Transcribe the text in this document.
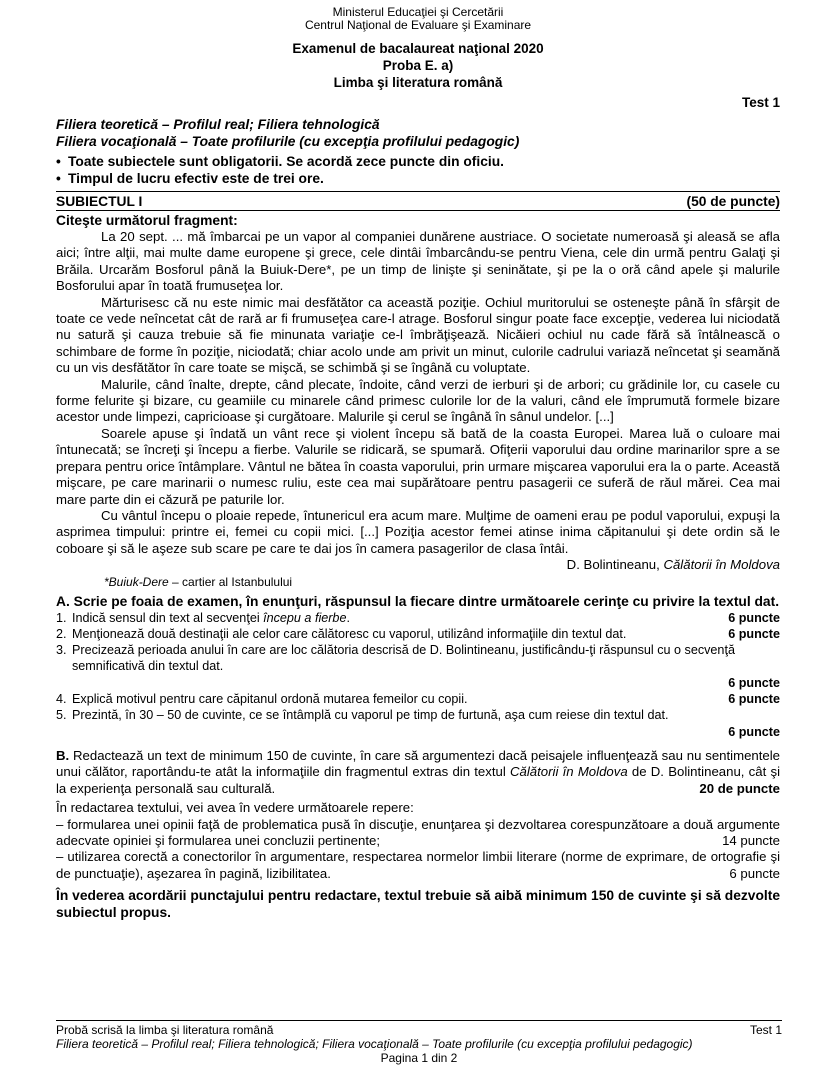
Ministerul Educaţiei şi Cercetării
Centrul Naţional de Evaluare şi Examinare
Examenul de bacalaureat naţional 2020
Proba E. a)
Limba şi literatura română
Test 1
Filiera teoretică – Profilul real; Filiera tehnologică
Filiera vocaţională – Toate profilurile (cu excepţia profilului pedagogic)
• Toate subiectele sunt obligatorii. Se acordă zece puncte din oficiu.
• Timpul de lucru efectiv este de trei ore.
SUBIECTUL I	(50 de puncte)
Citeşte următorul fragment:
La 20 sept. ... mă îmbarcai pe un vapor al companiei dunărene austriace. O societate numeroasă şi aleasă se afla aici; între alţii, mai multe dame europene şi grece, cele dintâi îmbarcându-se pentru Viena, cele din urmă pentru Galaţi şi Brăila. Urcarăm Bosforul până la Buiuk-Dere*, pe un timp de linişte şi seninătate, şi pe la o oră când apele şi malurile Bosforului apar în toată frumuseţea lor.
Mărturisesc că nu este nimic mai desfătător ca această poziţie. Ochiul muritorului se osteneşte până în sfârşit de toate ce vede neîncetat cât de rară ar fi frumuseţea care-l atrage. Bosforul singur poate face excepţie, vederea lui niciodată nu satură şi cauza trebuie să fie minunata variaţie ce-l îmbrăţişează. Nicăieri ochiul nu cade fără să întâlnească o schimbare de forme în poziţie, niciodată; chiar acolo unde am privit un minut, culorile cadrului variază neîncetat şi seamănă cu un vis desfătător în care toate se mişcă, se schimbă şi se îngână cu voluptate.
Malurile, când înalte, drepte, când plecate, îndoite, când verzi de ierburi şi de arbori; cu grădinile lor, cu casele cu forme felurite şi bizare, cu geamiile cu minarele când primesc culorile lor de la valuri, când ele împrumută formele bizare acestor unde limpezi, capricioase şi curgătoare. Malurile şi cerul se îngână în sânul undelor. [...]
Soarele apuse şi îndată un vânt rece şi violent începu să bată de la coasta Europei. Marea luă o culoare mai întunecată; se încreţi şi începu a fierbe. Valurile se ridicară, se spumară. Ofiţerii vaporului dau ordine marinarilor spre a se prepara pentru orice întâmplare. Vântul ne bătea în coasta vaporului, prin urmare mişcarea vaporului era la o parte. Această mişcare, pe care marinarii o numesc ruliu, este cea mai supărătoare pentru pasagerii ce suferă de răul mărei. Cea mai mare parte din ei căzură pe paturile lor.
Cu vântul începu o ploaie repede, întunericul era acum mare. Mulţime de oameni erau pe podul vaporului, expuşi la asprimea timpului: printre ei, femei cu copii mici. [...] Poziţia acestor femei atinse inima căpitanului şi dete ordin să le coboare şi să le aşeze sub scare pe care te dai jos în camera pasagerilor de clasa întâi.
D. Bolintineanu, Călătorii în Moldova
*Buiuk-Dere – cartier al Istanbulului
A. Scrie pe foaia de examen, în enunţuri, răspunsul la fiecare dintre următoarele cerinţe cu privire la textul dat.
1. Indică sensul din text al secvenţei începu a fierbe.	6 puncte
2. Menţionează două destinaţii ale celor care călătoresc cu vaporul, utilizând informaţiile din textul dat.	6 puncte
3. Precizează perioada anului în care are loc călătoria descrisă de D. Bolintineanu, justificându-ţi răspunsul cu o secvenţă semnificativă din textul dat.
6 puncte
4. Explică motivul pentru care căpitanul ordonă mutarea femeilor cu copii.	6 puncte
5. Prezintă, în 30 – 50 de cuvinte, ce se întâmplă cu vaporul pe timp de furtună, aşa cum reiese din textul dat.
6 puncte
B. Redactează un text de minimum 150 de cuvinte, în care să argumentezi dacă peisajele influenţează sau nu sentimentele unui călător, raportându-te atât la informaţiile din fragmentul extras din textul Călătorii în Moldova de D. Bolintineanu, cât şi la experienţa personală sau culturală.	20 de puncte
În redactarea textului, vei avea în vedere următoarele repere:
– formularea unei opinii faţă de problematica pusă în discuţie, enunţarea şi dezvoltarea corespunzătoare a două argumente adecvate opiniei şi formularea unei concluzii pertinente;	14 puncte
– utilizarea corectă a conectorilor în argumentare, respectarea normelor limbii literare (norme de exprimare, de ortografie şi de punctuaţie), aşezarea în pagină, lizibilitatea.	6 puncte
În vederea acordării punctajului pentru redactare, textul trebuie să aibă minimum 150 de cuvinte şi să dezvolte subiectul propus.
Probă scrisă la limba şi literatura română	Test 1
Filiera teoretică – Profilul real; Filiera tehnologică; Filiera vocaţională – Toate profilurile (cu excepţia profilului pedagogic)
Pagina 1 din 2
